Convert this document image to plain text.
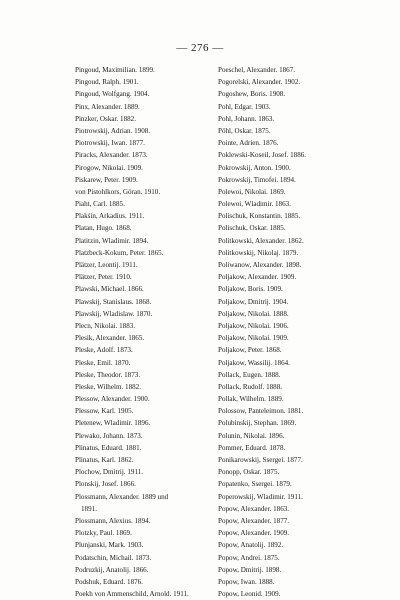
— 276 —
Pingoud, Maximilian. 1899.
Pingoud, Ralph. 1901.
Pingoud, Wolfgang. 1904.
Pinx, Alexander. 1889.
Pinzker, Oskar. 1882.
Piotrowskij, Adrian. 1908.
Piotrowskij, Iwan. 1877.
Piracks, Alexander. 1873.
Pirogow, Nikolai. 1909.
Piskarew, Peter. 1909.
von Pistohlkors, Göran. 1910.
Piaht, Carl. 1885.
Plakśin, Arkadius. 1911.
Platan, Hugo. 1868.
Platitzin, Wladimir. 1894.
Platzbeck-Kokum, Peter. 1865.
Plätzer, Leontij. 1911.
Plätzer, Peter. 1910.
Plawski, Michael. 1866.
Plawskij, Stanislaus. 1868.
Plawskij, Wladislaw. 1870.
Plecn, Nikolai. 1883.
Plesik, Alexander. 1865.
Pleske, Adolf. 1873.
Pleske, Emil. 1870.
Pleske, Theodor. 1873.
Pleske, Wilhelm. 1882.
Plessow, Alexander. 1900.
Plessow, Karl. 1905.
Pletenew, Wladimir. 1896.
Plewako, Johann. 1873.
Plinatus, Eduard. 1881.
Plinatus, Karl. 1862.
Plochow, Dmitrij. 1911.
Plonskij, Josef. 1866.
Plossmann, Alexander. 1889 und
1891.
Plossmann, Alexius. 1894.
Plotzky, Paul. 1869.
Plunjanski, Mark. 1903.
Podatschin, Michail. 1873.
Podruzkij, Anatolij. 1866.
Podshuk, Eduard. 1876.
Poekh von Ammenschild, Arnold. 1911.
Poeschel, Alexander. 1867.
Pogorelski, Alexander. 1902.
Pogoshew, Boris. 1908.
Pohl, Edgar. 1903.
Pohl, Johann. 1863.
Pöhl, Oskar. 1875.
Pointe, Adrien. 1876.
Poklewski-Koseil, Josef. 1886.
Pokrowskij, Anton. 1900.
Pokrowskij, Timofei. 1894.
Polewoi, Nikolai. 1869.
Polewoi, Wladimir. 1863.
Polischuk, Konstantin. 1885.
Polischuk, Oskar. 1885.
Politkowski, Alexander. 1862.
Politkowskij, Nikolaj. 1879.
Poliwanow, Alexander. 1898.
Poljakow, Alexander. 1909.
Poljakow, Boris. 1909.
Poljakow, Dmitrij. 1904.
Poljakow, Nikolai. 1888.
Poljakow, Nikolai. 1906.
Poljakow, Nikolai. 1909.
Poljakow, Peter. 1868.
Poljakow, Wassilij. 1864.
Pollack, Eugen. 1888.
Pollack, Rudolf. 1888.
Pollak, Wilhelm. 1889.
Polossow, Panteleimon. 1881.
Polubinskij, Stephan. 1869.
Polunin, Nikolai. 1896.
Pommer, Eduard. 1878.
Ponikarowskij, Ssergei. 1877.
Ponopp, Oskar. 1875.
Popatenko, Ssergei. 1879.
Poperowskij, Wladimir. 1911.
Popow, Alexander. 1863.
Popow, Alexander. 1877.
Popow, Alexander. 1909.
Popow, Anatolij. 1892.
Popow, Andrei. 1875.
Popow, Dmitrij. 1898.
Popow, Iwan. 1888.
Popow, Leonid. 1909.
